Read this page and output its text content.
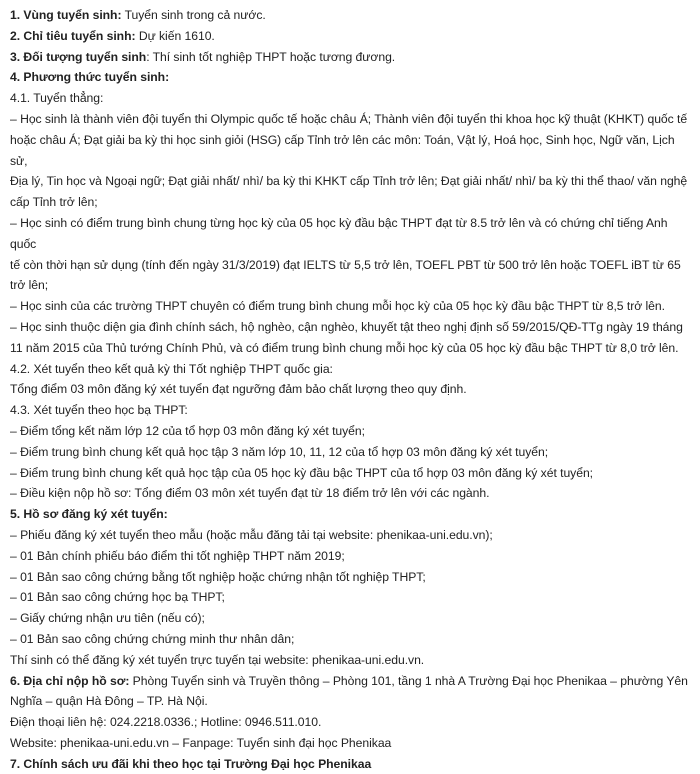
1. Vùng tuyển sinh: Tuyển sinh trong cả nước.

2. Chỉ tiêu tuyển sinh: Dự kiến 1610.

3. Đối tượng tuyển sinh: Thí sinh tốt nghiệp THPT hoặc tương đương.

4. Phương thức tuyển sinh:

4.1. Tuyển thẳng:

– Học sinh là thành viên đội tuyển thi Olympic quốc tế hoặc châu Á; Thành viên đội tuyển thi khoa học kỹ thuật (KHKT) quốc tế

hoặc châu Á; Đạt giải ba kỳ thi học sinh giỏi (HSG) cấp Tỉnh trở lên các môn: Toán, Vật lý, Hoá học, Sinh học, Ngữ văn, Lịch sử,

Địa lý, Tin học và Ngoại ngữ; Đạt giải nhất/ nhì/ ba kỳ thi KHKT cấp Tỉnh trở lên; Đạt giải nhất/ nhì/ ba kỳ thi thể thao/ văn nghệ

cấp Tỉnh trở lên;

– Học sinh có điểm trung bình chung từng học kỳ của 05 học kỳ đầu bậc THPT đạt từ 8.5 trở lên và có chứng chỉ tiếng Anh quốc

tế còn thời hạn sử dụng (tính đến ngày 31/3/2019) đạt IELTS từ 5,5 trở lên, TOEFL PBT từ 500 trở lên hoặc TOEFL iBT từ 65

trở lên;

– Học sinh của các trường THPT chuyên có điểm trung bình chung mỗi học kỳ của 05 học kỳ đầu bậc THPT từ 8,5 trở lên.

– Học sinh thuộc diện gia đình chính sách, hộ nghèo, cận nghèo, khuyết tật theo nghị định số 59/2015/QĐ-TTg ngày 19 tháng

11 năm 2015 của Thủ tướng Chính Phủ, và có điểm trung bình chung mỗi học kỳ của 05 học kỳ đầu bậc THPT từ 8,0 trở lên.

4.2. Xét tuyển theo kết quả kỳ thi Tốt nghiệp THPT quốc gia:

Tổng điểm 03 môn đăng ký xét tuyển đạt ngưỡng đảm bảo chất lượng theo quy định.

4.3. Xét tuyển theo học bạ THPT:

– Điểm tổng kết năm lớp 12 của tổ hợp 03 môn đăng ký xét tuyển;

– Điểm trung bình chung kết quả học tập 3 năm lớp 10, 11, 12 của tổ hợp 03 môn đăng ký xét tuyển;

– Điểm trung bình chung kết quả học tập của 05 học kỳ đầu bậc THPT của tổ hợp 03 môn đăng ký xét tuyển;

– Điều kiện nộp hồ sơ: Tổng điểm 03 môn xét tuyển đạt từ 18 điểm trở lên với các ngành.

5. Hồ sơ đăng ký xét tuyển:

– Phiếu đăng ký xét tuyển theo mẫu (hoặc mẫu đăng tải tại website: phenikaa-uni.edu.vn);

– 01 Bản chính phiếu báo điểm thi tốt nghiệp THPT năm 2019;

– 01 Bản sao công chứng bằng tốt nghiệp hoặc chứng nhận tốt nghiệp THPT;

– 01 Bản sao công chứng học bạ THPT;

– Giấy chứng nhận ưu tiên (nếu có);

– 01 Bản sao công chứng chứng minh thư nhân dân;

Thí sinh có thể đăng ký xét tuyển trực tuyến tại website: phenikaa-uni.edu.vn.

6. Địa chỉ nộp hồ sơ: Phòng Tuyển sinh và Truyền thông – Phòng 101, tầng 1 nhà A Trường Đại học Phenikaa – phường Yên

Nghĩa – quận Hà Đông – TP. Hà Nội.

Điện thoại liên hệ: 024.2218.0336.; Hotline: 0946.511.010.

Website: phenikaa-uni.edu.vn – Fanpage: Tuyển sinh đại học Phenikaa

7. Chính sách ưu đãi khi theo học tại Trường Đại học Phenikaa
